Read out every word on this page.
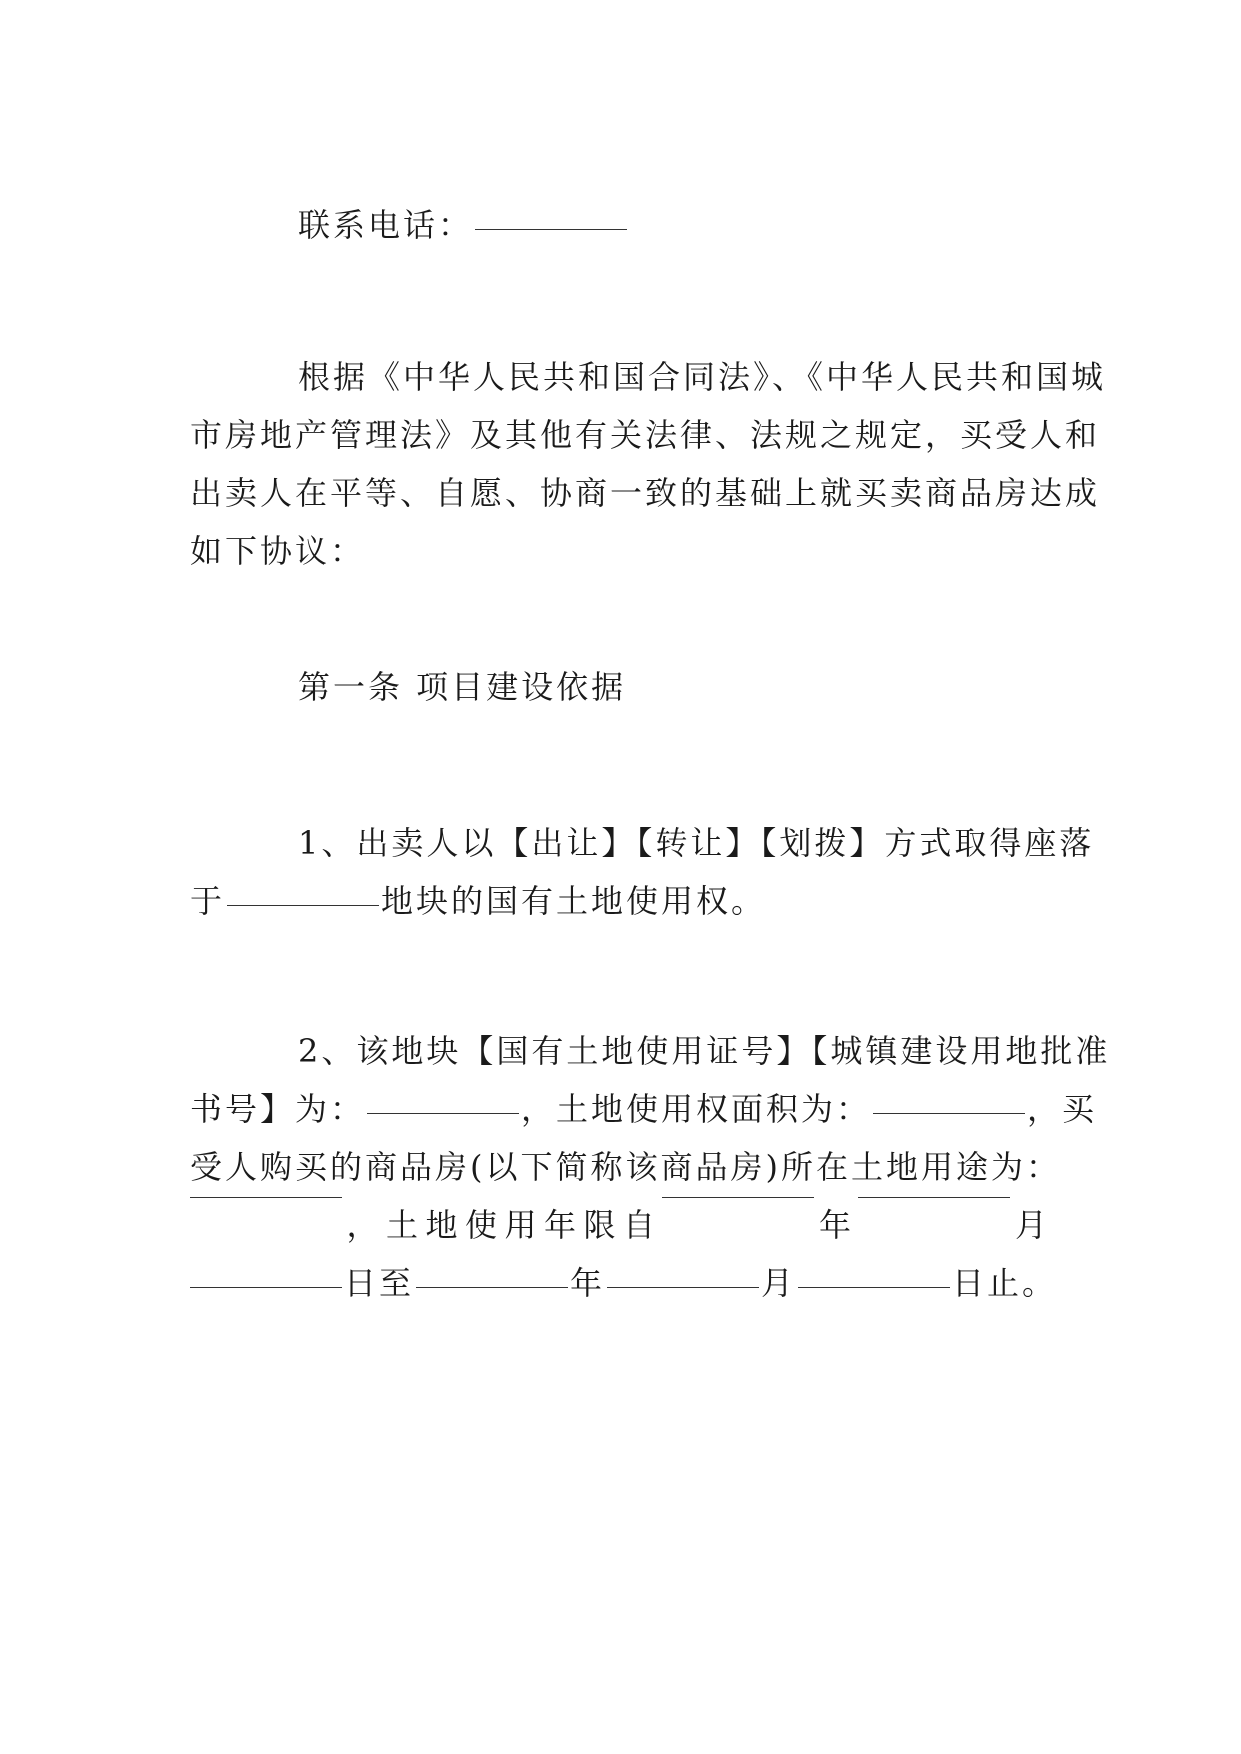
联系电话：

根据《中华人民共和国合同法》、《中华人民共和国城
市房地产管理法》及其他有关法律、法规之规定，买受人和
出卖人在平等、自愿、协商一致的基础上就买卖商品房达成
如下协议：

第一条 项目建设依据

1、出卖人以【出让】【转让】【划拨】方式取得座落
于	地块的国有土地使用权。
2、该地块【国有土地使用证号】【城镇建设用地批准
书号】为：	，土地使用权面积为：	，买
受人购买的商品房(以下简称该商品房)所在土地用途为：
， 土 地 使 用 年 限 自	年	月
日至	年	月	日止。
